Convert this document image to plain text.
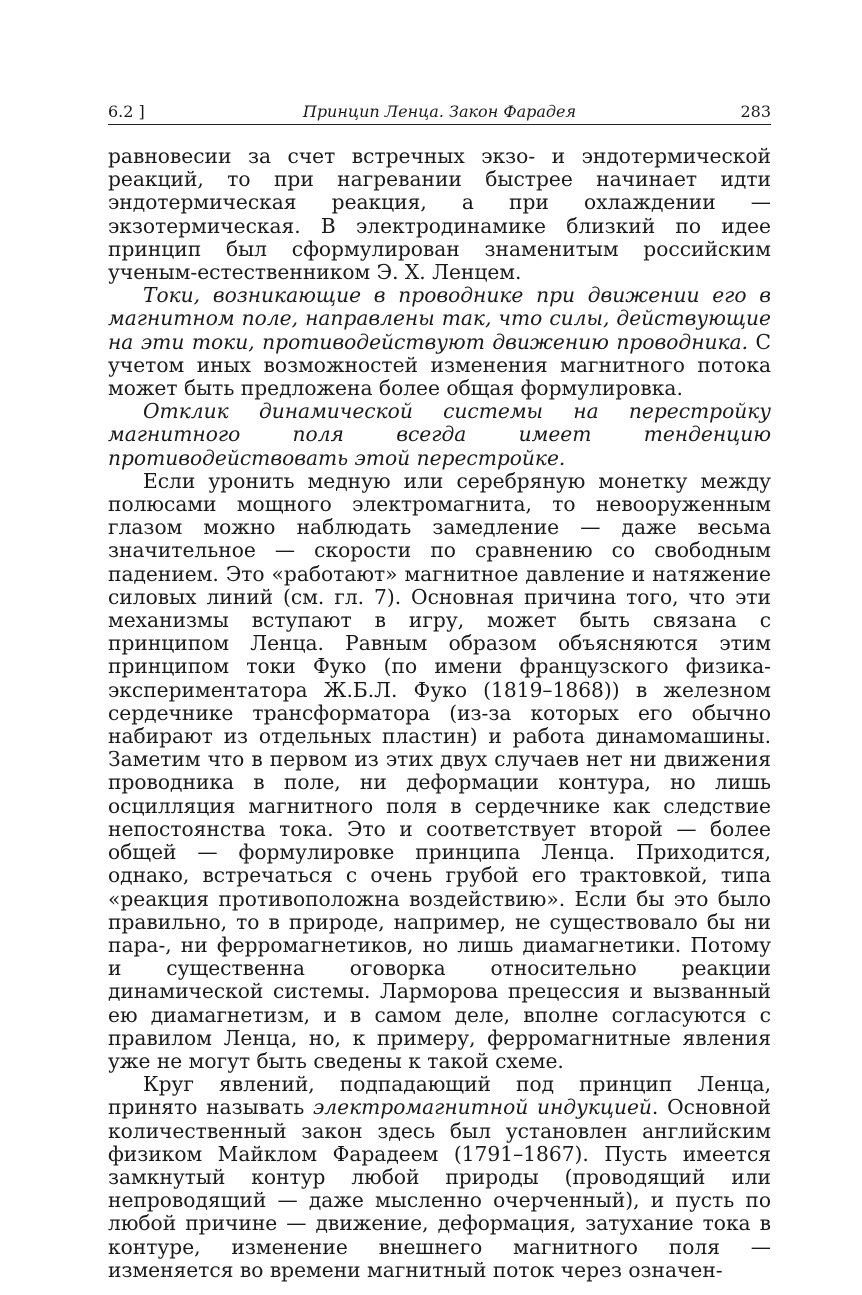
6.2 ]	Принцип Ленца. Закон Фарадея	283

равновесии за счет встречных экзо- и эндотермической реакций, то при нагревании быстрее начинает идти эндотермическая реакция, а при охлаждении — экзотермическая. В электродинамике близкий по идее принцип был сформулирован знаменитым российским ученым-естественником Э. Х. Ленцем.

Токи, возникающие в проводнике при движении его в магнитном поле, направлены так, что силы, действующие на эти токи, противодействуют движению проводника. С учетом иных возможностей изменения магнитного потока может быть предложена более общая формулировка.

Отклик динамической системы на перестройку магнитного поля всегда имеет тенденцию противодействовать этой перестройке.

Если уронить медную или серебряную монетку между полюсами мощного электромагнита, то невооруженным глазом можно наблюдать замедление — даже весьма значительное — скорости по сравнению со свободным падением. Это «работают» магнитное давление и натяжение силовых линий (см. гл. 7). Основная причина того, что эти механизмы вступают в игру, может быть связана с принципом Ленца. Равным образом объясняются этим принципом токи Фуко (по имени французского физика-экспериментатора Ж.Б.Л. Фуко (1819–1868)) в железном сердечнике трансформатора (из-за которых его обычно набирают из отдельных пластин) и работа динамомашины. Заметим что в первом из этих двух случаев нет ни движения проводника в поле, ни деформации контура, но лишь осцилляция магнитного поля в сердечнике как следствие непостоянства тока. Это и соответствует второй — более общей — формулировке принципа Ленца. Приходится, однако, встречаться с очень грубой его трактовкой, типа «реакция противоположна воздействию». Если бы это было правильно, то в природе, например, не существовало бы ни пара-, ни ферромагнетиков, но лишь диамагнетики. Потому и существенна оговорка относительно реакции динамической системы. Ларморова прецессия и вызванный ею диамагнетизм, и в самом деле, вполне согласуются с правилом Ленца, но, к примеру, ферромагнитные явления уже не могут быть сведены к такой схеме.

Круг явлений, подпадающий под принцип Ленца, принято называть электромагнитной индукцией. Основной количественный закон здесь был установлен английским физиком Майклом Фарадеем (1791–1867). Пусть имеется замкнутый контур любой природы (проводящий или непроводящий — даже мысленно очерченный), и пусть по любой причине — движение, деформация, затухание тока в контуре, изменение внешнего магнитного поля — изменяется во времени магнитный поток через означен-
